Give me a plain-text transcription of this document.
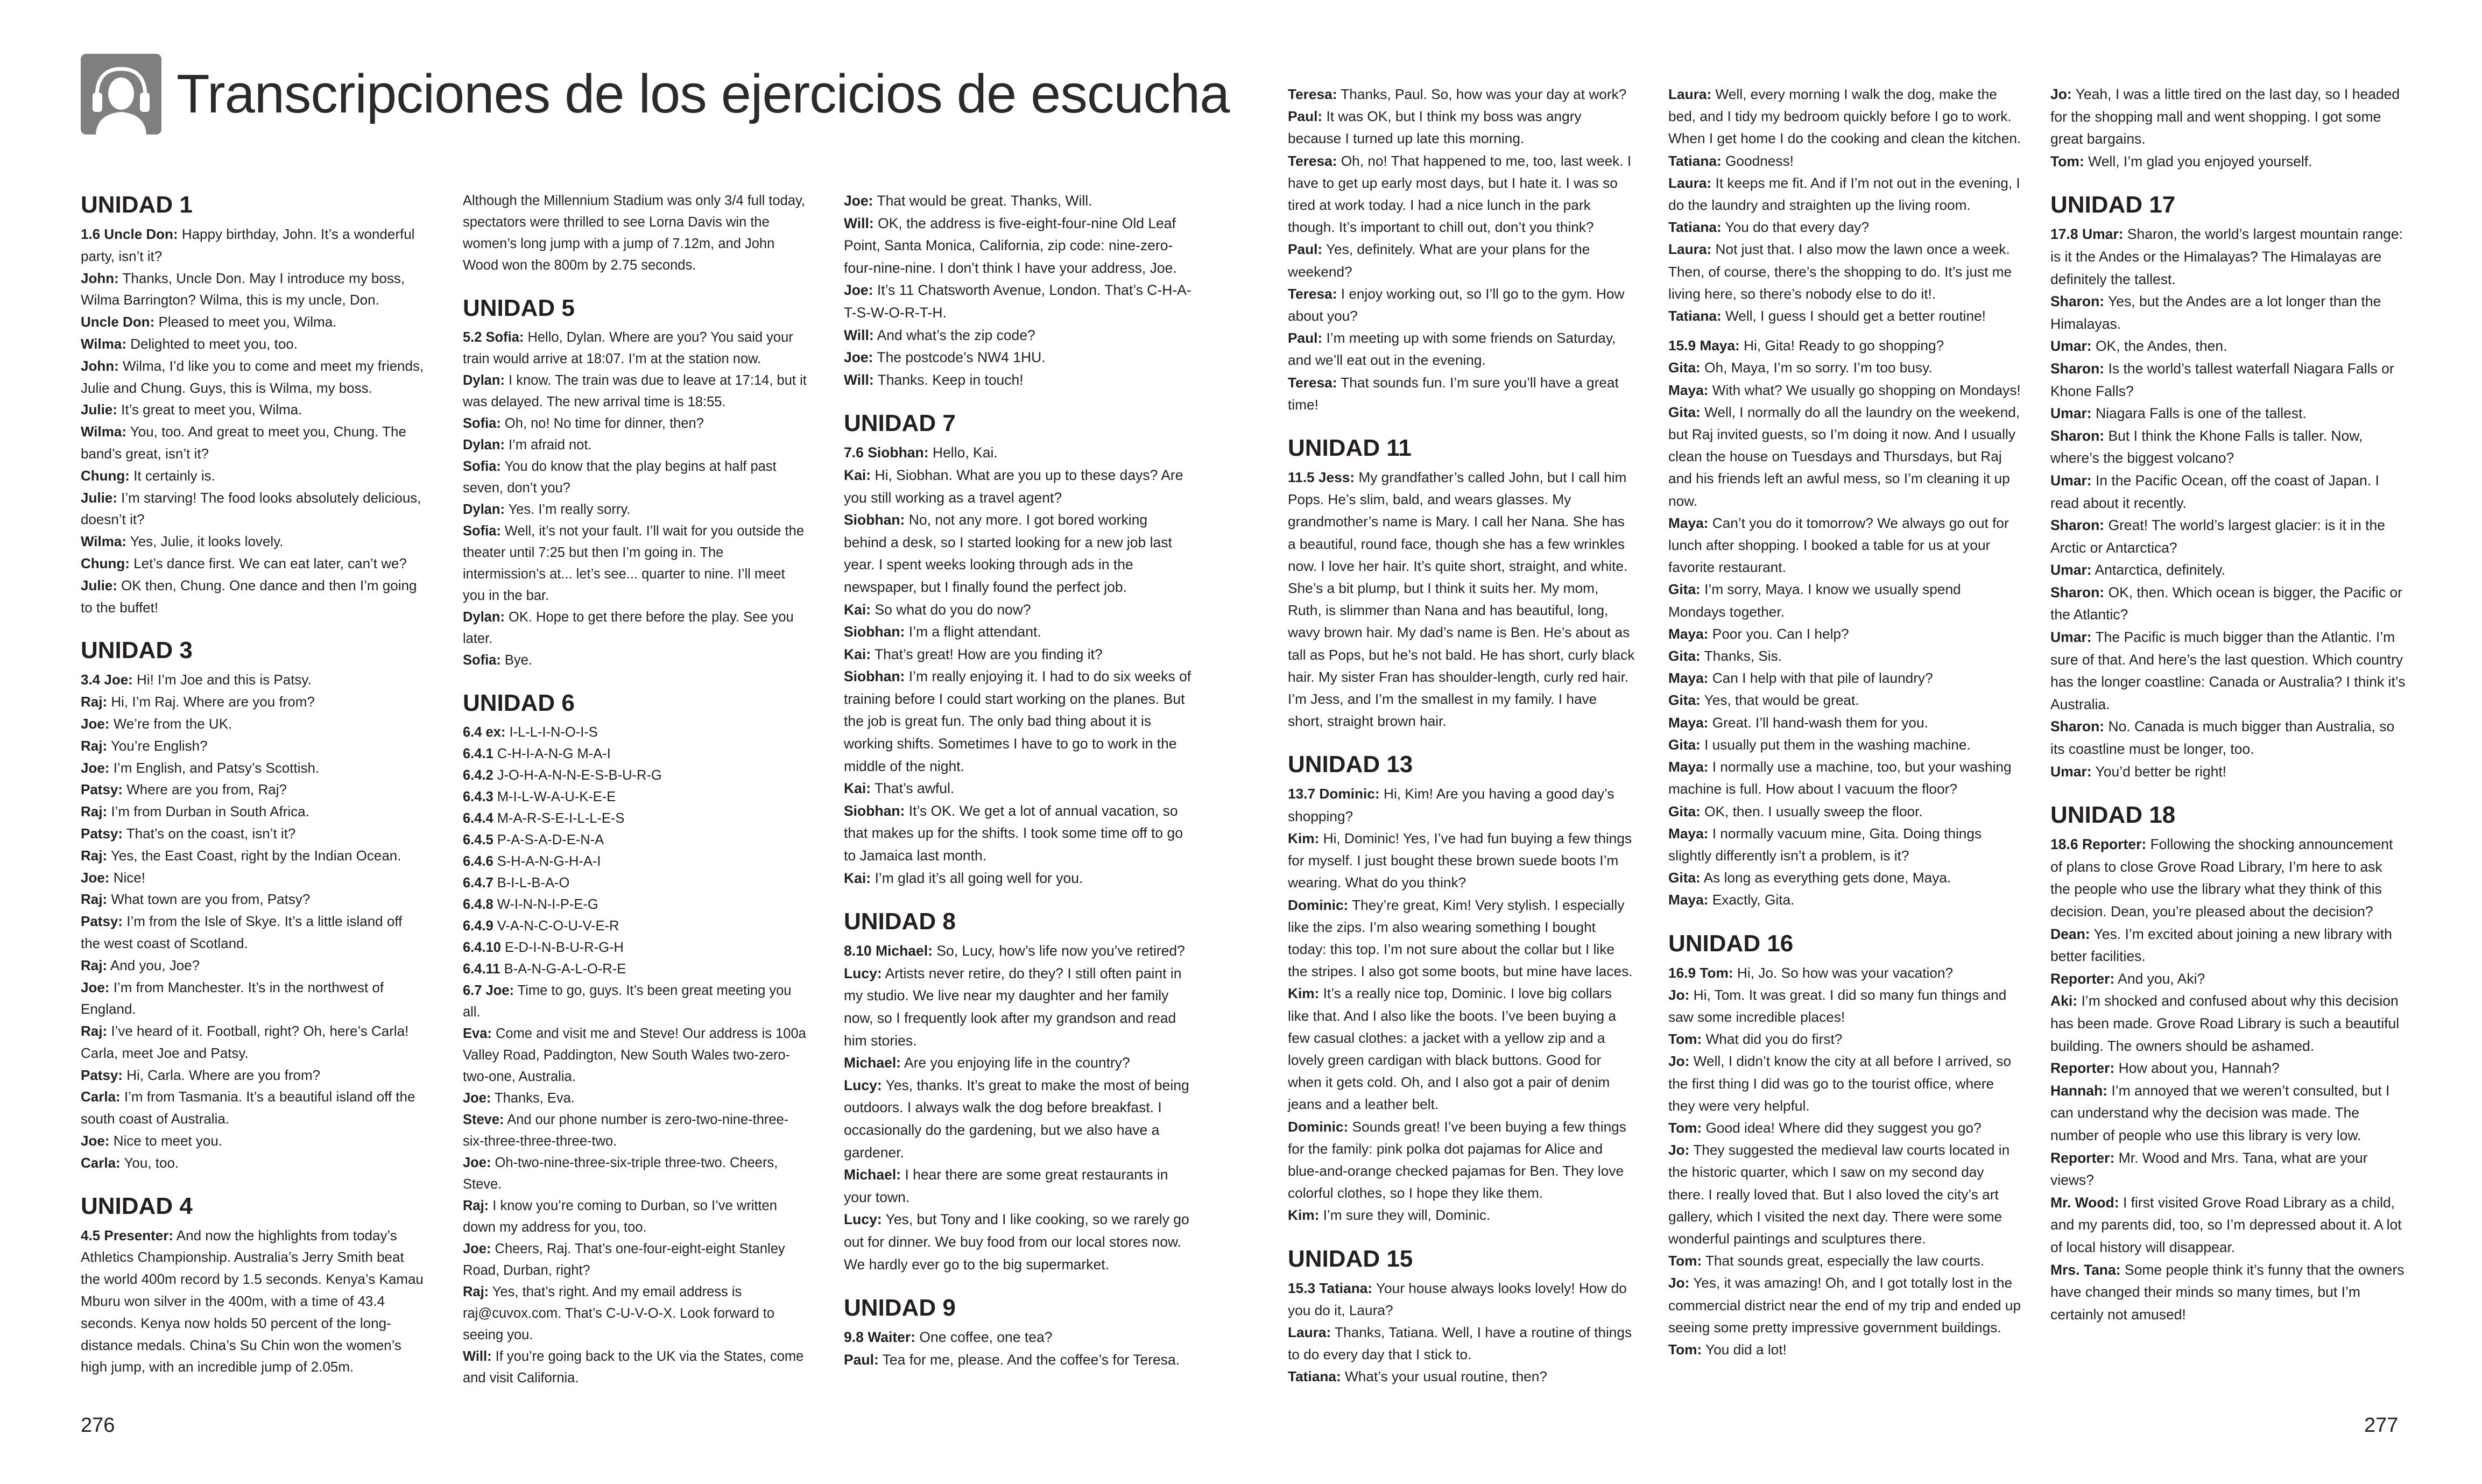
Transcripciones de los ejercicios de escucha
UNIDAD 1

1.6 Uncle Don: Happy birthday, John. It’s a wonderful party, isn’t it?

John: Thanks, Uncle Don. May I introduce my boss, Wilma Barrington? Wilma, this is my uncle, Don.

Uncle Don: Pleased to meet you, Wilma.

Wilma: Delighted to meet you, too.

John: Wilma, I’d like you to come and meet my friends, Julie and Chung. Guys, this is Wilma, my boss.

Julie: It’s great to meet you, Wilma.

Wilma: You, too. And great to meet you, Chung. The band’s great, isn’t it?

Chung: It certainly is.

Julie: I’m starving! The food looks absolutely delicious, doesn’t it?

Wilma: Yes, Julie, it looks lovely.

Chung: Let’s dance first. We can eat later, can’t we?

Julie: OK then, Chung. One dance and then I’m going to the buffet!

UNIDAD 3

3.4 Joe: Hi! I’m Joe and this is Patsy.

Raj: Hi, I’m Raj. Where are you from?

Joe: We’re from the UK.

Raj: You’re English?

Joe: I’m English, and Patsy’s Scottish.

Patsy: Where are you from, Raj?

Raj: I’m from Durban in South Africa.

Patsy: That’s on the coast, isn’t it?

Raj: Yes, the East Coast, right by the Indian Ocean.

Joe: Nice!

Raj: What town are you from, Patsy?

Patsy: I’m from the Isle of Skye. It’s a little island off the west coast of Scotland.

Raj: And you, Joe?

Joe: I’m from Manchester. It’s in the northwest of England.

Raj: I’ve heard of it. Football, right? Oh, here’s Carla! Carla, meet Joe and Patsy.

Patsy: Hi, Carla. Where are you from?

Carla: I’m from Tasmania. It’s a beautiful island off the south coast of Australia.

Joe: Nice to meet you.

Carla: You, too.

UNIDAD 4

4.5 Presenter: And now the highlights from today’s Athletics Championship. Australia’s Jerry Smith beat the world 400m record by 1.5 seconds. Kenya’s Kamau Mburu won silver in the 400m, with a time of 43.4 seconds. Kenya now holds 50 percent of the long-distance medals. China’s Su Chin won the women’s high jump, with an incredible jump of 2.05m.

Although the Millennium Stadium was only 3/4 full today, spectators were thrilled to see Lorna Davis win the women’s long jump with a jump of 7.12m, and John Wood won the 800m by 2.75 seconds.

UNIDAD 5

5.2 Sofia: Hello, Dylan. Where are you? You said your train would arrive at 18:07. I’m at the station now.

Dylan: I know. The train was due to leave at 17:14, but it was delayed. The new arrival time is 18:55.

Sofia: Oh, no! No time for dinner, then?

Dylan: I’m afraid not.

Sofia: You do know that the play begins at half past seven, don’t you?

Dylan: Yes. I’m really sorry.

Sofia: Well, it’s not your fault. I’ll wait for you outside the theater until 7:25 but then I’m going in. The intermission’s at... let’s see... quarter to nine. I’ll meet you in the bar.

Dylan: OK. Hope to get there before the play. See you later.

Sofia: Bye.

UNIDAD 6

6.4 ex: I-L-L-I-N-O-I-S

6.4.1 C-H-I-A-N-G M-A-I

6.4.2 J-O-H-A-N-N-E-S-B-U-R-G

6.4.3 M-I-L-W-A-U-K-E-E

6.4.4 M-A-R-S-E-I-L-L-E-S

6.4.5 P-A-S-A-D-E-N-A

6.4.6 S-H-A-N-G-H-A-I

6.4.7 B-I-L-B-A-O

6.4.8 W-I-N-N-I-P-E-G

6.4.9 V-A-N-C-O-U-V-E-R

6.4.10 E-D-I-N-B-U-R-G-H

6.4.11 B-A-N-G-A-L-O-R-E

6.7 Joe: Time to go, guys. It’s been great meeting you all.

Eva: Come and visit me and Steve! Our address is 100a Valley Road, Paddington, New South Wales two-zero-two-one, Australia.

Joe: Thanks, Eva.

Steve: And our phone number is zero-two-nine-three-six-three-three-three-two.

Joe: Oh-two-nine-three-six-triple three-two. Cheers, Steve.

Raj: I know you’re coming to Durban, so I’ve written down my address for you, too.

Joe: Cheers, Raj. That’s one-four-eight-eight Stanley Road, Durban, right?

Raj: Yes, that’s right. And my email address is raj@cuvox.com. That’s C-U-V-O-X. Look forward to seeing you.

Will: If you’re going back to the UK via the States, come and visit California.

Joe: That would be great. Thanks, Will.

Will: OK, the address is five-eight-four-nine Old Leaf Point, Santa Monica, California, zip code: nine-zero-four-nine-nine. I don’t think I have your address, Joe.

Joe: It’s 11 Chatsworth Avenue, London. That’s C-H-A-T-S-W-O-R-T-H.

Will: And what’s the zip code?

Joe: The postcode’s NW4 1HU.

Will: Thanks. Keep in touch!

UNIDAD 7

7.6 Siobhan: Hello, Kai.

Kai: Hi, Siobhan. What are you up to these days? Are you still working as a travel agent?

Siobhan: No, not any more. I got bored working behind a desk, so I started looking for a new job last year. I spent weeks looking through ads in the newspaper, but I finally found the perfect job.

Kai: So what do you do now?

Siobhan: I’m a flight attendant.

Kai: That’s great! How are you finding it?

Siobhan: I’m really enjoying it. I had to do six weeks of training before I could start working on the planes. But the job is great fun. The only bad thing about it is working shifts. Sometimes I have to go to work in the middle of the night.

Kai: That’s awful.

Siobhan: It’s OK. We get a lot of annual vacation, so that makes up for the shifts. I took some time off to go to Jamaica last month.

Kai: I’m glad it’s all going well for you.

UNIDAD 8

8.10 Michael: So, Lucy, how’s life now you’ve retired?

Lucy: Artists never retire, do they? I still often paint in my studio. We live near my daughter and her family now, so I frequently look after my grandson and read him stories.

Michael: Are you enjoying life in the country?

Lucy: Yes, thanks. It’s great to make the most of being outdoors. I always walk the dog before breakfast. I occasionally do the gardening, but we also have a gardener.

Michael: I hear there are some great restaurants in your town.

Lucy: Yes, but Tony and I like cooking, so we rarely go out for dinner. We buy food from our local stores now. We hardly ever go to the big supermarket.

UNIDAD 9

9.8 Waiter: One coffee, one tea?

Paul: Tea for me, please. And the coffee’s for Teresa.

Teresa: Thanks, Paul. So, how was your day at work?

Paul: It was OK, but I think my boss was angry because I turned up late this morning.

Teresa: Oh, no! That happened to me, too, last week. I have to get up early most days, but I hate it. I was so tired at work today. I had a nice lunch in the park though. It’s important to chill out, don’t you think?

Paul: Yes, definitely. What are your plans for the weekend?

Teresa: I enjoy working out, so I’ll go to the gym. How about you?

Paul: I’m meeting up with some friends on Saturday, and we’ll eat out in the evening.

Teresa: That sounds fun. I’m sure you’ll have a great time!

UNIDAD 11

11.5 Jess: My grandfather’s called John, but I call him Pops. He’s slim, bald, and wears glasses. My grandmother’s name is Mary. I call her Nana. She has a beautiful, round face, though she has a few wrinkles now. I love her hair. It’s quite short, straight, and white. She’s a bit plump, but I think it suits her. My mom, Ruth, is slimmer than Nana and has beautiful, long, wavy brown hair. My dad’s name is Ben. He’s about as tall as Pops, but he’s not bald. He has short, curly black hair. My sister Fran has shoulder-length, curly red hair. I’m Jess, and I’m the smallest in my family. I have short, straight brown hair.

UNIDAD 13

13.7 Dominic: Hi, Kim! Are you having a good day’s shopping?

Kim: Hi, Dominic! Yes, I’ve had fun buying a few things for myself. I just bought these brown suede boots I’m wearing. What do you think?

Dominic: They’re great, Kim! Very stylish. I especially like the zips. I’m also wearing something I bought today: this top. I’m not sure about the collar but I like the stripes. I also got some boots, but mine have laces.

Kim: It’s a really nice top, Dominic. I love big collars like that. And I also like the boots. I’ve been buying a few casual clothes: a jacket with a yellow zip and a lovely green cardigan with black buttons. Good for when it gets cold. Oh, and I also got a pair of denim jeans and a leather belt.

Dominic: Sounds great! I’ve been buying a few things for the family: pink polka dot pajamas for Alice and blue-and-orange checked pajamas for Ben. They love colorful clothes, so I hope they like them.

Kim: I’m sure they will, Dominic.

UNIDAD 15

15.3 Tatiana: Your house always looks lovely! How do you do it, Laura?

Laura: Thanks, Tatiana. Well, I have a routine of things to do every day that I stick to.

Tatiana: What’s your usual routine, then?

Laura: Well, every morning I walk the dog, make the bed, and I tidy my bedroom quickly before I go to work. When I get home I do the cooking and clean the kitchen.

Tatiana: Goodness!

Laura: It keeps me fit. And if I’m not out in the evening, I do the laundry and straighten up the living room.

Tatiana: You do that every day?

Laura: Not just that. I also mow the lawn once a week. Then, of course, there’s the shopping to do. It’s just me living here, so there’s nobody else to do it!.

Tatiana: Well, I guess I should get a better routine!

15.9 Maya: Hi, Gita! Ready to go shopping?

Gita: Oh, Maya, I’m so sorry. I’m too busy.

Maya: With what? We usually go shopping on Mondays!

Gita: Well, I normally do all the laundry on the weekend, but Raj invited guests, so I’m doing it now. And I usually clean the house on Tuesdays and Thursdays, but Raj and his friends left an awful mess, so I’m cleaning it up now.

Maya: Can’t you do it tomorrow? We always go out for lunch after shopping. I booked a table for us at your favorite restaurant.

Gita: I’m sorry, Maya. I know we usually spend Mondays together.

Maya: Poor you. Can I help?

Gita: Thanks, Sis.

Maya: Can I help with that pile of laundry?

Gita: Yes, that would be great.

Maya: Great. I’ll hand-wash them for you.

Gita: I usually put them in the washing machine.

Maya: I normally use a machine, too, but your washing machine is full. How about I vacuum the floor?

Gita: OK, then. I usually sweep the floor.

Maya: I normally vacuum mine, Gita. Doing things slightly differently isn’t a problem, is it?

Gita: As long as everything gets done, Maya.

Maya: Exactly, Gita.

UNIDAD 16

16.9 Tom: Hi, Jo. So how was your vacation?

Jo: Hi, Tom. It was great. I did so many fun things and saw some incredible places!

Tom: What did you do first?

Jo: Well, I didn’t know the city at all before I arrived, so the first thing I did was go to the tourist office, where they were very helpful.

Tom: Good idea! Where did they suggest you go?

Jo: They suggested the medieval law courts located in the historic quarter, which I saw on my second day there. I really loved that. But I also loved the city’s art gallery, which I visited the next day. There were some wonderful paintings and sculptures there.

Tom: That sounds great, especially the law courts.

Jo: Yes, it was amazing! Oh, and I got totally lost in the commercial district near the end of my trip and ended up seeing some pretty impressive government buildings.

Tom: You did a lot!

Jo: Yeah, I was a little tired on the last day, so I headed for the shopping mall and went shopping. I got some great bargains.

Tom: Well, I’m glad you enjoyed yourself.

UNIDAD 17

17.8 Umar: Sharon, the world’s largest mountain range: is it the Andes or the Himalayas? The Himalayas are definitely the tallest.

Sharon: Yes, but the Andes are a lot longer than the Himalayas.

Umar: OK, the Andes, then.

Sharon: Is the world’s tallest waterfall Niagara Falls or Khone Falls?

Umar: Niagara Falls is one of the tallest.

Sharon: But I think the Khone Falls is taller. Now, where’s the biggest volcano?

Umar: In the Pacific Ocean, off the coast of Japan. I read about it recently.

Sharon: Great! The world’s largest glacier: is it in the Arctic or Antarctica?

Umar: Antarctica, definitely.

Sharon: OK, then. Which ocean is bigger, the Pacific or the Atlantic?

Umar: The Pacific is much bigger than the Atlantic. I’m sure of that. And here’s the last question. Which country has the longer coastline: Canada or Australia? I think it’s Australia.

Sharon: No. Canada is much bigger than Australia, so its coastline must be longer, too.

Umar: You’d better be right!

UNIDAD 18

18.6 Reporter: Following the shocking announcement of plans to close Grove Road Library, I’m here to ask the people who use the library what they think of this decision. Dean, you’re pleased about the decision?

Dean: Yes. I’m excited about joining a new library with better facilities.

Reporter: And you, Aki?

Aki: I’m shocked and confused about why this decision has been made. Grove Road Library is such a beautiful building. The owners should be ashamed.

Reporter: How about you, Hannah?

Hannah: I’m annoyed that we weren’t consulted, but I can understand why the decision was made. The number of people who use this library is very low.

Reporter: Mr. Wood and Mrs. Tana, what are your views?

Mr. Wood: I first visited Grove Road Library as a child, and my parents did, too, so I’m depressed about it. A lot of local history will disappear.

Mrs. Tana: Some people think it’s funny that the owners have changed their minds so many times, but I’m certainly not amused!

276	277
